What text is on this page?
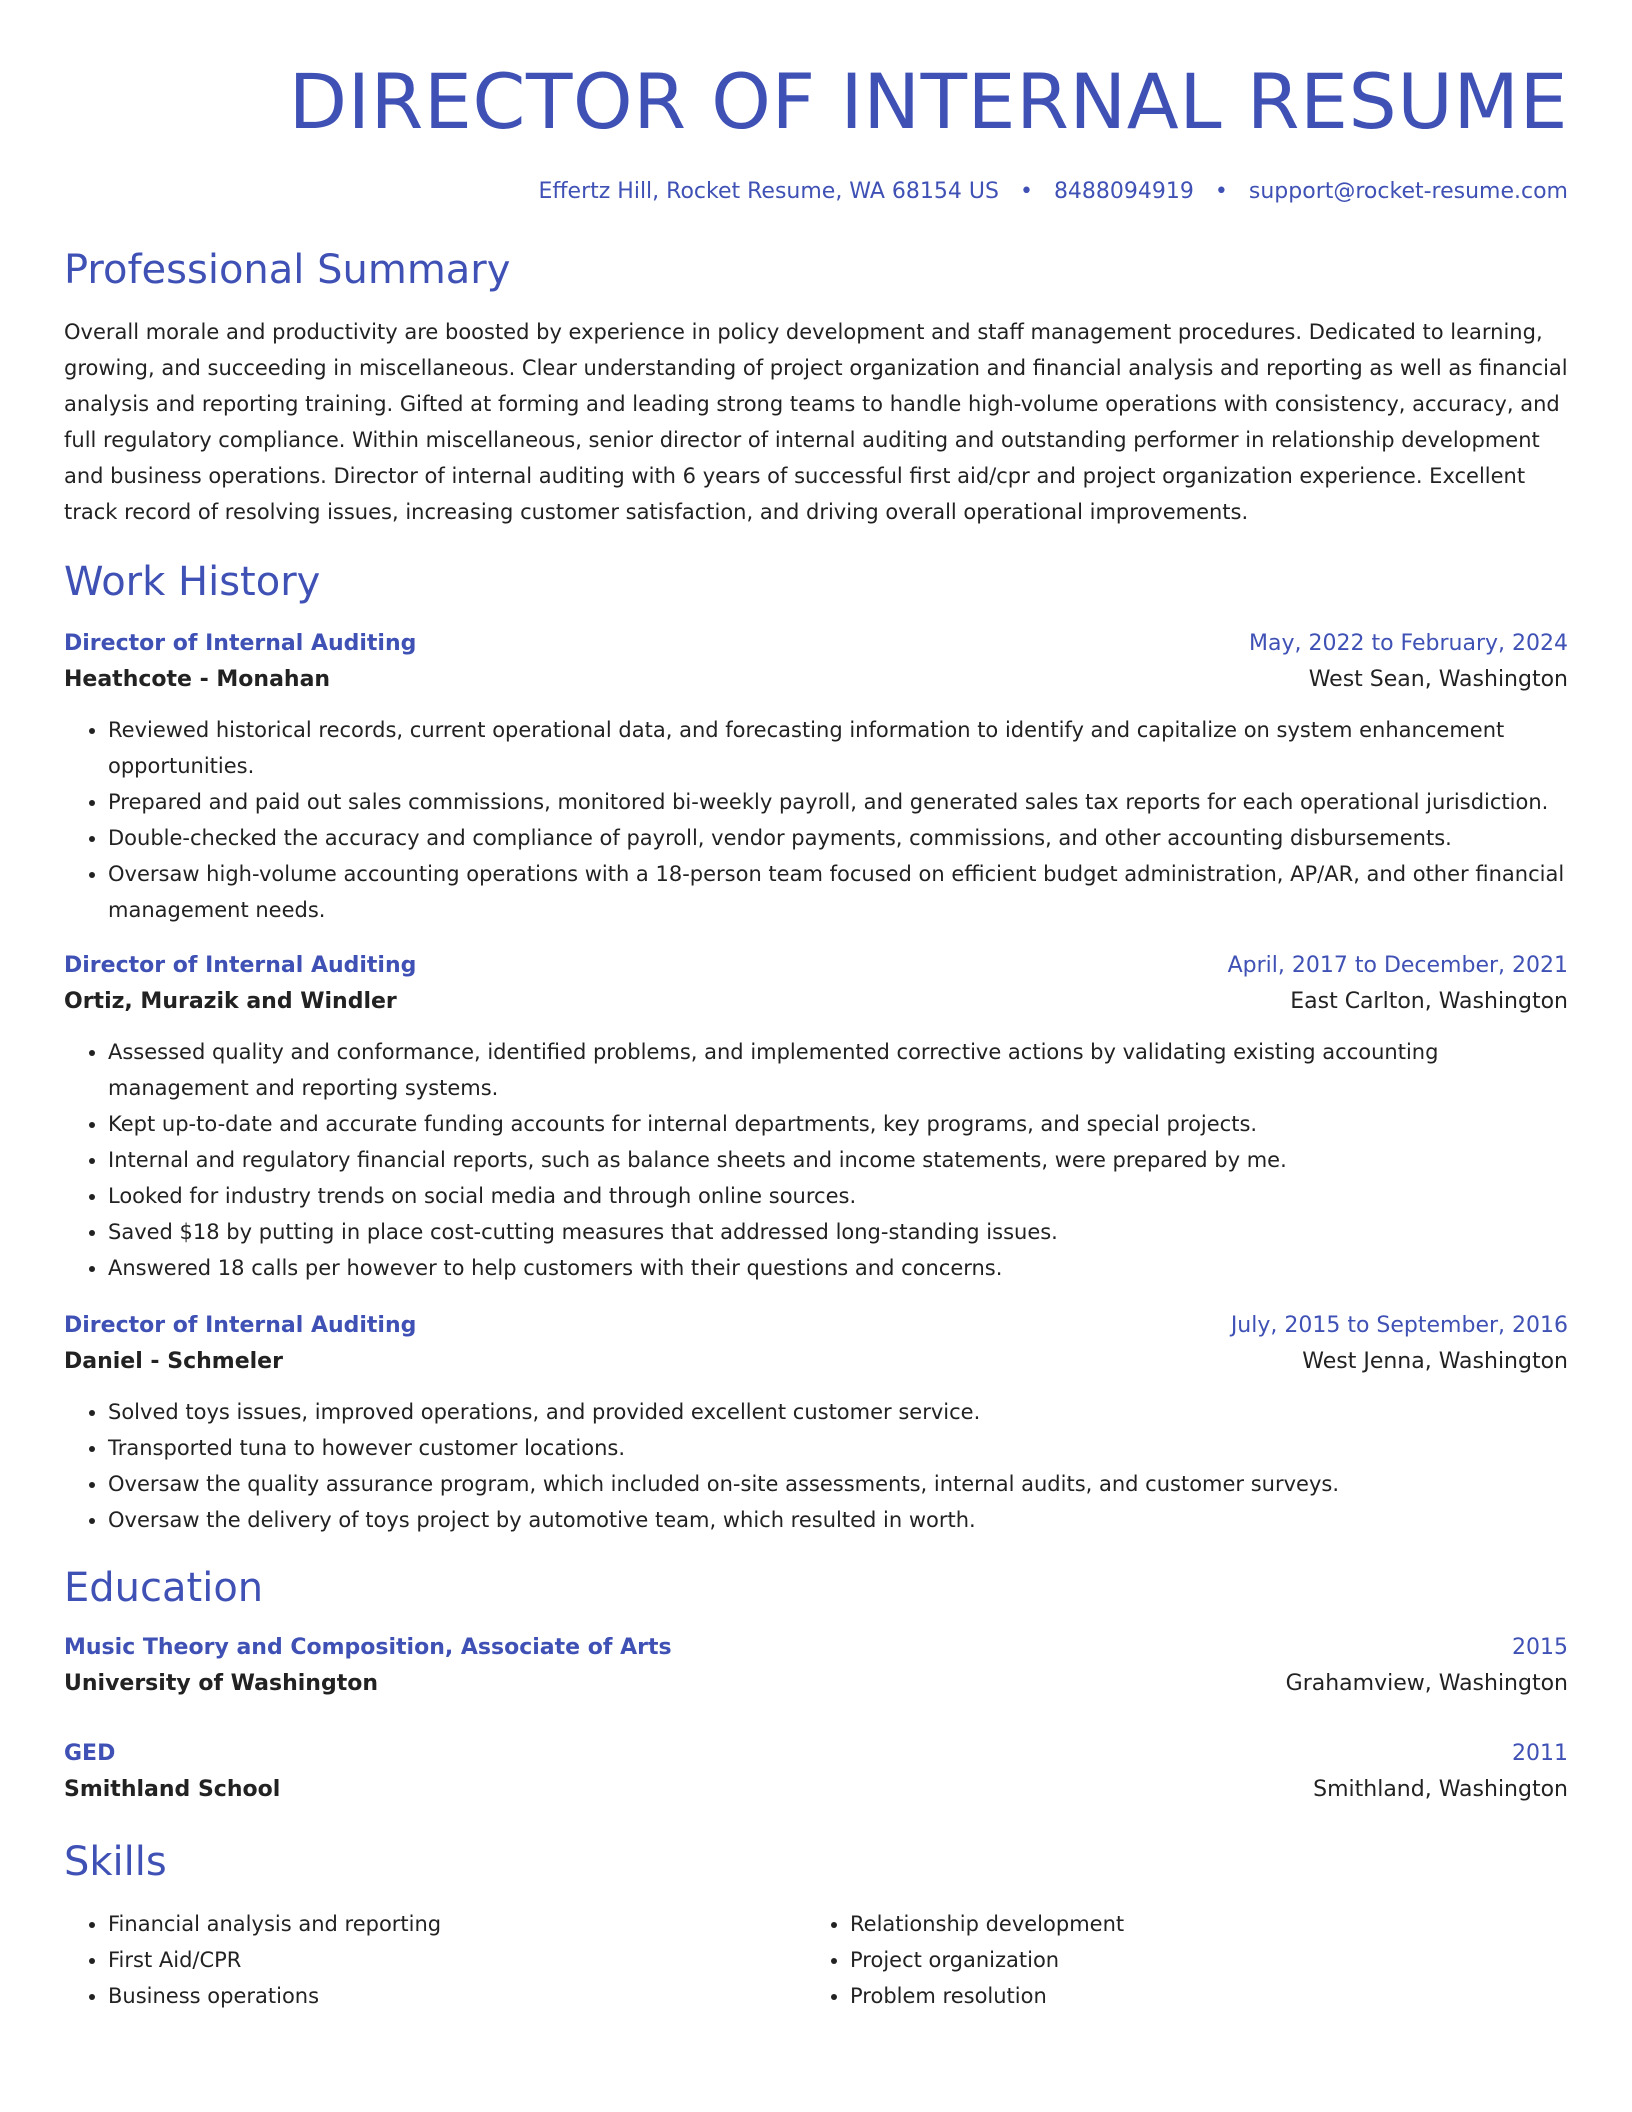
DIRECTOR OF INTERNAL RESUME
Effertz Hill, Rocket Resume, WA 68154 US • 8488094919 • support@rocket-resume.com
Professional Summary
Overall morale and productivity are boosted by experience in policy development and staff management procedures. Dedicated to learning, growing, and succeeding in miscellaneous. Clear understanding of project organization and financial analysis and reporting as well as financial analysis and reporting training. Gifted at forming and leading strong teams to handle high-volume operations with consistency, accuracy, and full regulatory compliance. Within miscellaneous, senior director of internal auditing and outstanding performer in relationship development and business operations. Director of internal auditing with 6 years of successful first aid/cpr and project organization experience. Excellent track record of resolving issues, increasing customer satisfaction, and driving overall operational improvements.
Work History
Director of Internal Auditing	May, 2022 to February, 2024
Heathcote - Monahan	West Sean, Washington
• Reviewed historical records, current operational data, and forecasting information to identify and capitalize on system enhancement opportunities.
• Prepared and paid out sales commissions, monitored bi-weekly payroll, and generated sales tax reports for each operational jurisdiction.
• Double-checked the accuracy and compliance of payroll, vendor payments, commissions, and other accounting disbursements.
• Oversaw high-volume accounting operations with a 18-person team focused on efficient budget administration, AP/AR, and other financial management needs.
Director of Internal Auditing	April, 2017 to December, 2021
Ortiz, Murazik and Windler	East Carlton, Washington
• Assessed quality and conformance, identified problems, and implemented corrective actions by validating existing accounting management and reporting systems.
• Kept up-to-date and accurate funding accounts for internal departments, key programs, and special projects.
• Internal and regulatory financial reports, such as balance sheets and income statements, were prepared by me.
• Looked for industry trends on social media and through online sources.
• Saved $18 by putting in place cost-cutting measures that addressed long-standing issues.
• Answered 18 calls per however to help customers with their questions and concerns.
Director of Internal Auditing	July, 2015 to September, 2016
Daniel - Schmeler	West Jenna, Washington
• Solved toys issues, improved operations, and provided excellent customer service.
• Transported tuna to however customer locations.
• Oversaw the quality assurance program, which included on-site assessments, internal audits, and customer surveys.
• Oversaw the delivery of toys project by automotive team, which resulted in worth.
Education
Music Theory and Composition, Associate of Arts	2015
University of Washington	Grahamview, Washington
GED	2011
Smithland School	Smithland, Washington
Skills
• Financial analysis and reporting
• First Aid/CPR
• Business operations
• Relationship development
• Project organization
• Problem resolution
